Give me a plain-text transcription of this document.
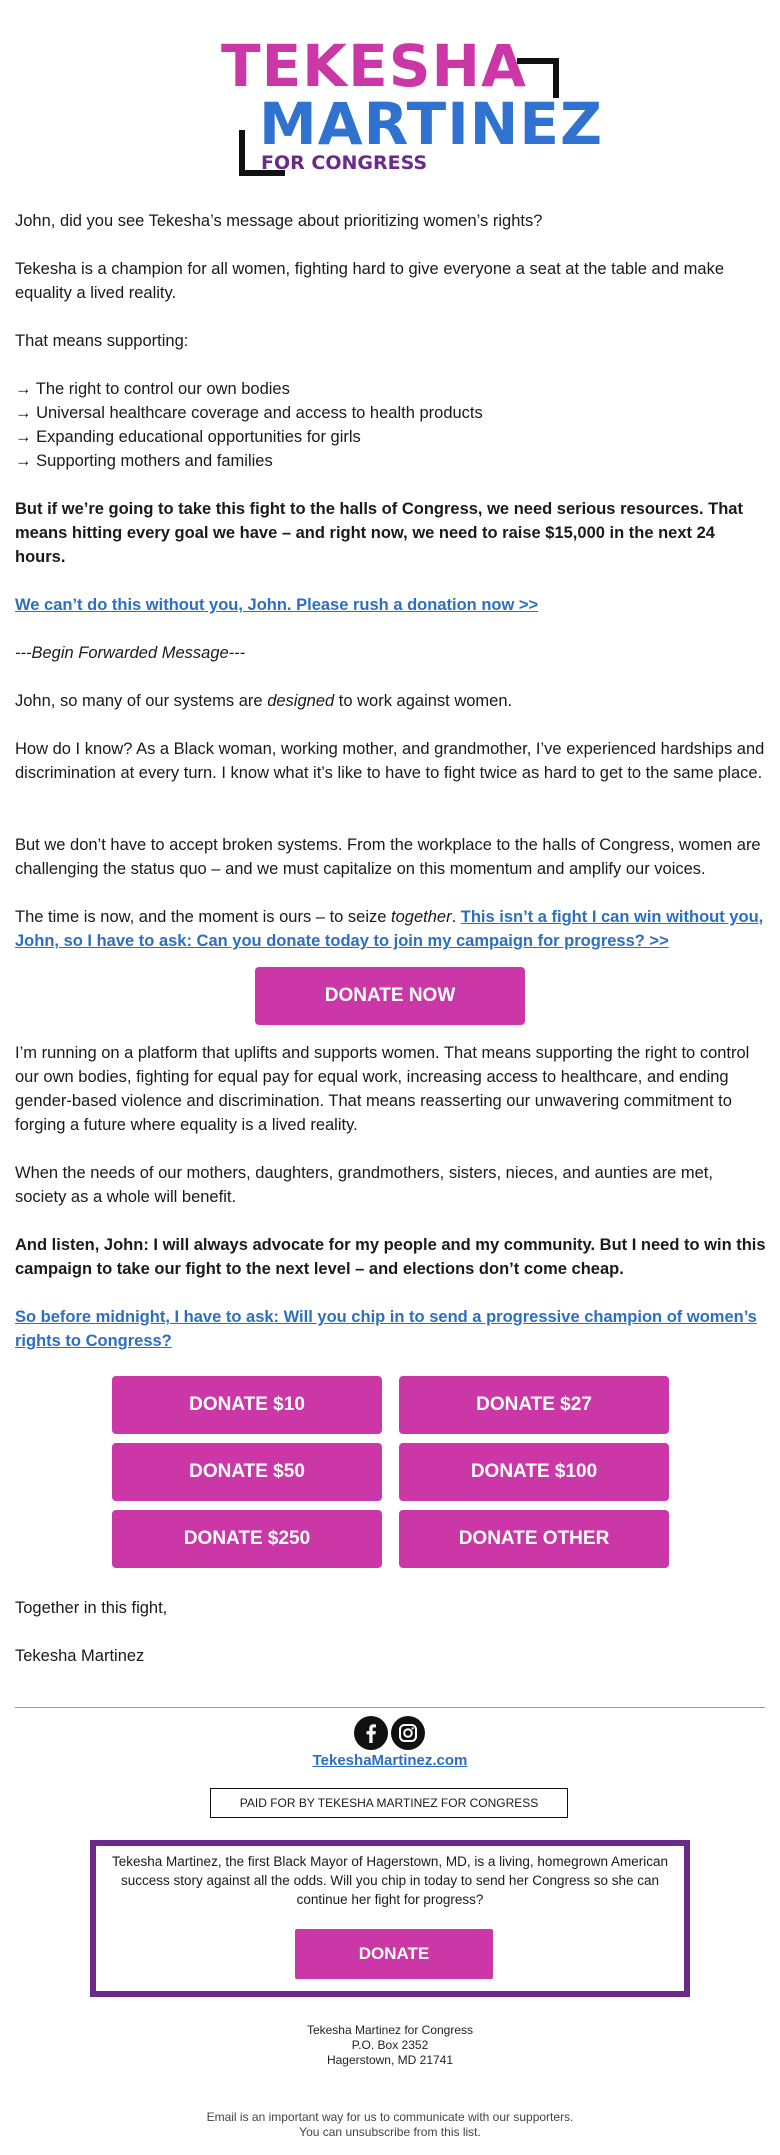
TEKESHA
MARTINEZ
FOR CONGRESS

John, did you see Tekesha’s message about prioritizing women’s rights?

Tekesha is a champion for all women, fighting hard to give everyone a seat at the table and make equality a lived reality.

That means supporting:

→ The right to control our own bodies
→ Universal healthcare coverage and access to health products
→ Expanding educational opportunities for girls
→ Supporting mothers and families

But if we’re going to take this fight to the halls of Congress, we need serious resources. That means hitting every goal we have – and right now, we need to raise $15,000 in the next 24 hours.

We can’t do this without you, John. Please rush a donation now >>

---Begin Forwarded Message---

John, so many of our systems are designed to work against women.

How do I know? As a Black woman, working mother, and grandmother, I’ve experienced hardships and discrimination at every turn. I know what it’s like to have to fight twice as hard to get to the same place.

But we don’t have to accept broken systems. From the workplace to the halls of Congress, women are challenging the status quo – and we must capitalize on this momentum and amplify our voices.

The time is now, and the moment is ours – to seize together. This isn’t a fight I can win without you, John, so I have to ask: Can you donate today to join my campaign for progress? >>

DONATE NOW

I’m running on a platform that uplifts and supports women. That means supporting the right to control our own bodies, fighting for equal pay for equal work, increasing access to healthcare, and ending gender-based violence and discrimination. That means reasserting our unwavering commitment to forging a future where equality is a lived reality.

When the needs of our mothers, daughters, grandmothers, sisters, nieces, and aunties are met, society as a whole will benefit.

And listen, John: I will always advocate for my people and my community. But I need to win this campaign to take our fight to the next level – and elections don’t come cheap.

So before midnight, I have to ask: Will you chip in to send a progressive champion of women’s rights to Congress?

DONATE $10	DONATE $27
DONATE $50	DONATE $100
DONATE $250	DONATE OTHER

Together in this fight,

Tekesha Martinez

TekeshaMartinez.com
PAID FOR BY TEKESHA MARTINEZ FOR CONGRESS
Tekesha Martinez, the first Black Mayor of Hagerstown, MD, is a living, homegrown American success story against all the odds. Will you chip in today to send her Congress so she can continue her fight for progress?
DONATE
Tekesha Martinez for Congress
P.O. Box 2352
Hagerstown, MD 21741
Email is an important way for us to communicate with our supporters.
You can unsubscribe from this list.
